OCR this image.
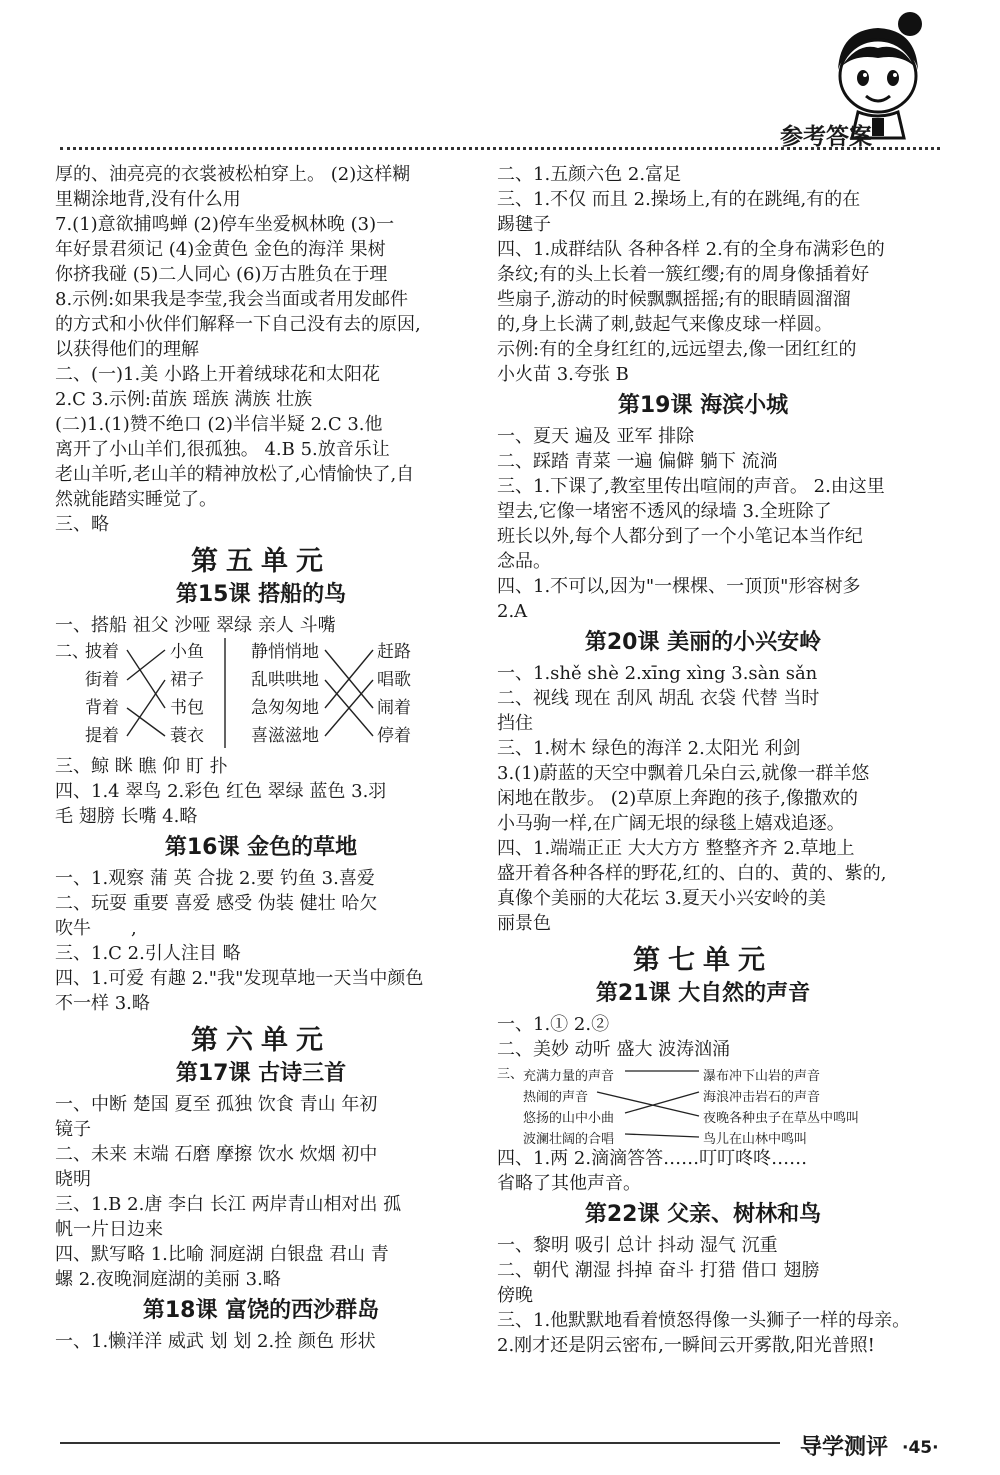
参考答案
厚的、油亮亮的衣裳被松柏穿上。 (2)这样糊
里糊涂地背,没有什么用
7.(1)意欲捕鸣蝉 (2)停车坐爱枫林晚 (3)一
年好景君须记 (4)金黄色 金色的海洋 果树
你挤我碰 (5)二人同心 (6)万古胜负在于理
8.示例:如果我是李莹,我会当面或者用发邮件
的方式和小伙伴们解释一下自己没有去的原因,
以获得他们的理解
二、(一)1.美 小路上开着绒球花和太阳花
2.C 3.示例:苗族 瑶族 满族 壮族
(二)1.(1)赞不绝口 (2)半信半疑 2.C 3.他
离开了小山羊们,很孤独。 4.B 5.放音乐让
老山羊听,老山羊的精神放松了,心情愉快了,自
然就能踏实睡觉了。
三、略
第五单元
第15课 搭船的鸟
一、搭船 祖父 沙哑 翠绿 亲人 斗嘴
二、
披着
街着
背着
提着
小鱼
裙子
书包
蓑衣
静悄悄地
乱哄哄地
急匆匆地
喜滋滋地
赶路
唱歌
闹着
停着
三、鲸 眯 瞧 仰 盯 扑
四、1.4 翠鸟 2.彩色 红色 翠绿 蓝色 3.羽
毛 翅膀 长嘴 4.略
第16课 金色的草地
一、1.观察 蒲 英 合拢 2.要 钓鱼 3.喜爱
二、玩耍 重要 喜爱 感受 伪装 健壮 哈欠
吹牛       ,
三、1.C 2.引人注目 略
四、1.可爱 有趣 2."我"发现草地一天当中颜色
不一样 3.略
第六单元
第17课 古诗三首
一、中断 楚国 夏至 孤独 饮食 青山 年初
镜子
二、未来 末端 石磨 摩擦 饮水 炊烟 初中
晓明
三、1.B 2.唐 李白 长江 两岸青山相对出 孤
帆一片日边来
四、默写略 1.比喻 洞庭湖 白银盘 君山 青
螺 2.夜晚洞庭湖的美丽 3.略
第18课 富饶的西沙群岛
一、1.懒洋洋 威武 划 划 2.拴 颜色 形状
二、1.五颜六色 2.富足
三、1.不仅 而且 2.操场上,有的在跳绳,有的在
踢毽子
四、1.成群结队 各种各样 2.有的全身布满彩色的
条纹;有的头上长着一簇红缨;有的周身像插着好
些扇子,游动的时候飘飘摇摇;有的眼睛圆溜溜
的,身上长满了刺,鼓起气来像皮球一样圆。
示例:有的全身红红的,远远望去,像一团红红的
小火苗 3.夸张 B
第19课 海滨小城
一、夏天 遍及 亚军 排除
二、踩踏 青菜 一遍 偏僻 躺下 流淌
三、1.下课了,教室里传出喧闹的声音。 2.由这里
望去,它像一堵密不透风的绿墙 3.全班除了
班长以外,每个人都分到了一个小笔记本当作纪
念品。
四、1.不可以,因为"一棵棵、一顶顶"形容树多
2.A
第20课 美丽的小兴安岭
一、1.shě shè 2.xīng xìng 3.sàn sǎn
二、视线 现在 刮风 胡乱 衣袋 代替 当时
挡住
三、1.树木 绿色的海洋 2.太阳光 利剑
3.(1)蔚蓝的天空中飘着几朵白云,就像一群羊悠
闲地在散步。 (2)草原上奔跑的孩子,像撒欢的
小马驹一样,在广阔无垠的绿毯上嬉戏追逐。
四、1.端端正正 大大方方 整整齐齐 2.草地上
盛开着各种各样的野花,红的、白的、黄的、紫的,
真像个美丽的大花坛 3.夏天小兴安岭的美
丽景色
第七单元
第21课 大自然的声音
一、1.① 2.②
二、美妙 动听 盛大 波涛汹涌
三、 充满力量的声音
热闹的声音
悠扬的山中小曲
波澜壮阔的合唱
瀑布冲下山岩的声音
海浪冲击岩石的声音
夜晚各种虫子在草丛中鸣叫
鸟儿在山林中鸣叫
四、1.两 2.滴滴答答……叮叮咚咚……
省略了其他声音。
第22课 父亲、树林和鸟
一、黎明 吸引 总计 抖动 湿气 沉重
二、朝代 潮湿 抖掉 奋斗 打猎 借口 翅膀
傍晚
三、1.他默默地看着愤怒得像一头狮子一样的母亲。
2.刚才还是阴云密布,一瞬间云开雾散,阳光普照!
导学测评 ·45·
